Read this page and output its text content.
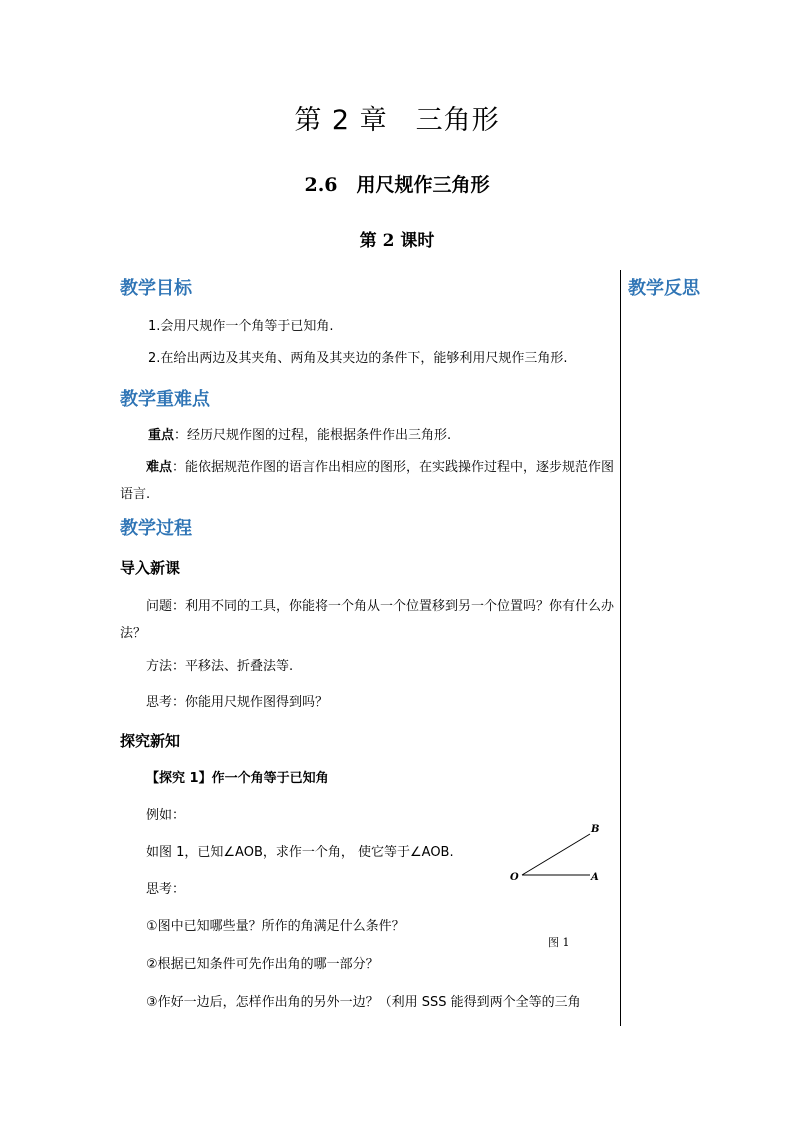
第 2 章　三角形
2.6　用尺规作三角形
第 2 课时
教学反思
教学目标
1.会用尺规作一个角等于已知角.
2.在给出两边及其夹角、两角及其夹边的条件下，能够利用尺规作三角形.
教学重难点
重点：经历尺规作图的过程，能根据条件作出三角形.
难点：能依据规范作图的语言作出相应的图形，在实践操作过程中，逐步规范作图语言.
教学过程
导入新课
问题：利用不同的工具，你能将一个角从一个位置移到另一个位置吗？你有什么办法？
方法：平移法、折叠法等.
思考：你能用尺规作图得到吗？
探究新知
【探究 1】作一个角等于已知角
例如：
如图 1，已知∠AOB，求作一个角， 使它等于∠AOB.
思考：
①图中已知哪些量？所作的角满足什么条件？
②根据已知条件可先作出角的哪一部分？
③作好一边后，怎样作出角的另外一边？（利用 SSS 能得到两个全等的三角
O	A
B
图 1
